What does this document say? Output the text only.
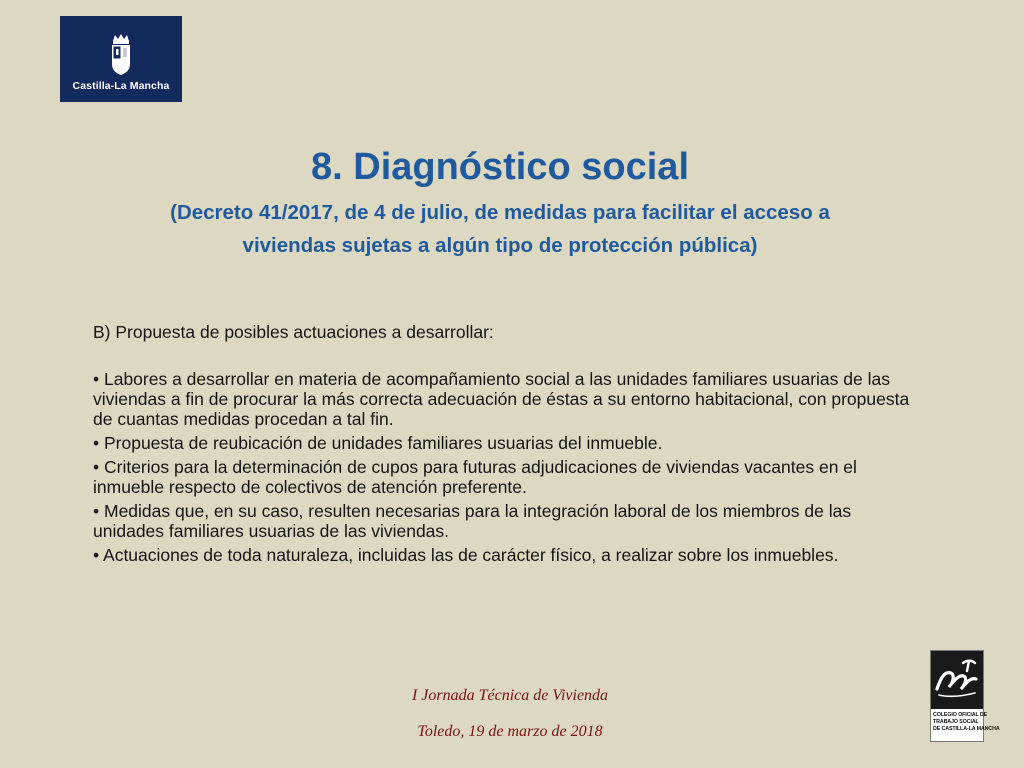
Castilla-La Mancha

8. Diagnóstico social

(Decreto 41/2017, de 4 de julio, de medidas para facilitar el acceso a

viviendas sujetas a algún tipo de protección pública)

B) Propuesta de posibles actuaciones a desarrollar:

• Labores a desarrollar en materia de acompañamiento social a las unidades familiares usuarias de las viviendas a fin de procurar la más correcta adecuación de éstas a su entorno habitacional, con propuesta de cuantas medidas procedan a tal fin.
• Propuesta de reubicación de unidades familiares usuarias del inmueble.
• Criterios para la determinación de cupos para futuras adjudicaciones de viviendas vacantes en el inmueble respecto de colectivos de atención preferente.
• Medidas que, en su caso, resulten necesarias para la integración laboral de los miembros de las unidades familiares usuarias de las viviendas.
• Actuaciones de toda naturaleza, incluidas las de carácter físico, a realizar sobre los inmuebles.

I Jornada Técnica de Vivienda

Toledo, 19 de marzo de 2018

COLEGIO OFICIAL DE
TRABAJO SOCIAL
DE CASTILLA-LA MANCHA
